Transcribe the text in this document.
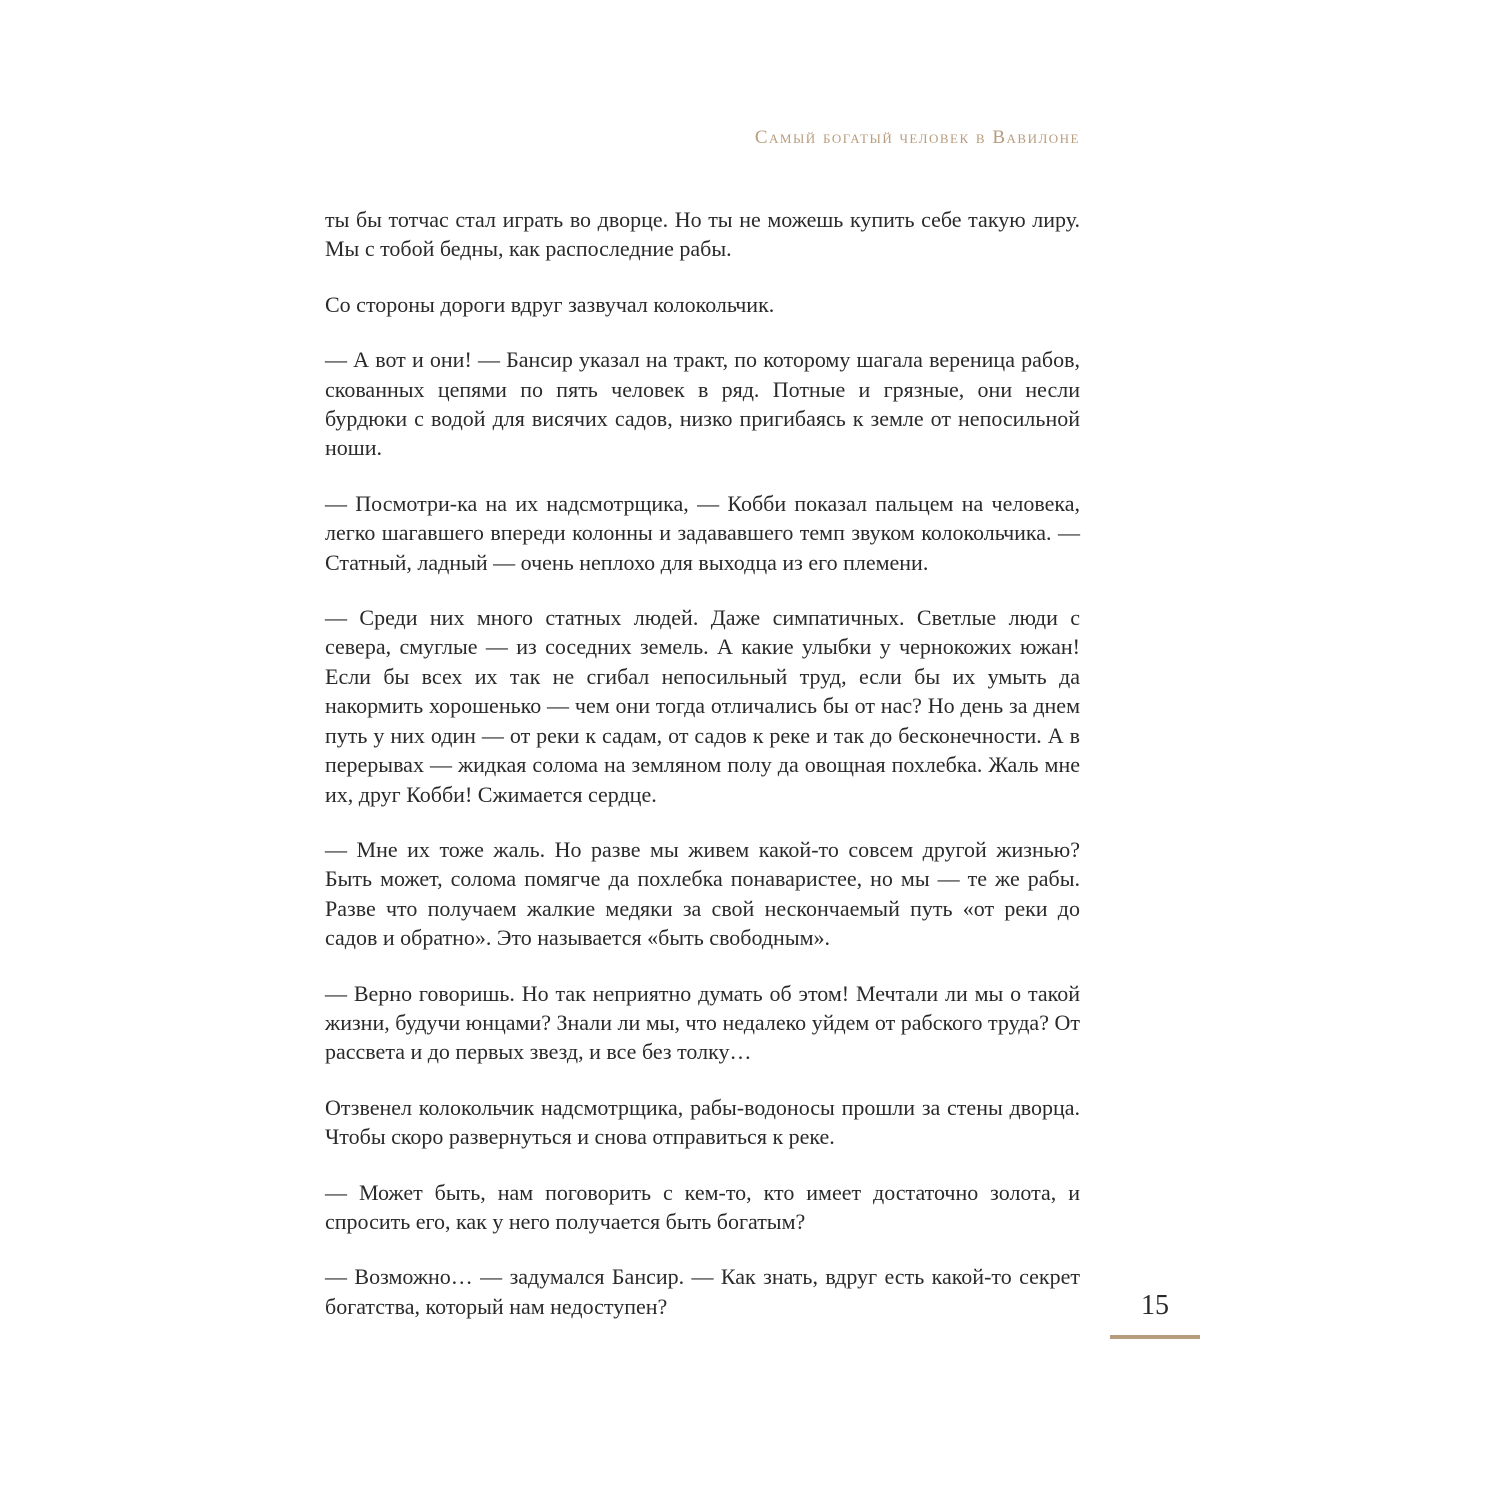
Самый богатый человек в Вавилоне

ты бы тотчас стал играть во дворце. Но ты не можешь купить себе такую лиру. Мы с тобой бедны, как распоследние рабы.

Со стороны дороги вдруг зазвучал колокольчик.

— А вот и они! — Бансир указал на тракт, по которому шагала вереница рабов, скованных цепями по пять человек в ряд. Потные и грязные, они несли бурдюки с водой для висячих садов, низко пригибаясь к земле от непосильной ноши.

— Посмотри-ка на их надсмотрщика, — Кобби показал пальцем на человека, легко шагавшего впереди колонны и задававшего темп звуком колокольчика. — Статный, ладный — очень неплохо для выходца из его племени.

— Среди них много статных людей. Даже симпатичных. Светлые люди с севера, смуглые — из соседних земель. А какие улыбки у чернокожих южан! Если бы всех их так не сгибал непосильный труд, если бы их умыть да накормить хорошенько — чем они тогда отличались бы от нас? Но день за днем путь у них один — от реки к садам, от садов к реке и так до бесконечности. А в перерывах — жидкая солома на земляном полу да овощная похлебка. Жаль мне их, друг Кобби! Сжимается сердце.

— Мне их тоже жаль. Но разве мы живем какой-то совсем другой жизнью? Быть может, солома помягче да похлебка понаваристее, но мы — те же рабы. Разве что получаем жалкие медяки за свой нескончаемый путь «от реки до садов и обратно». Это называется «быть свободным».

— Верно говоришь. Но так неприятно думать об этом! Мечтали ли мы о такой жизни, будучи юнцами? Знали ли мы, что недалеко уйдем от рабского труда? От рассвета и до первых звезд, и все без толку…

Отзвенел колокольчик надсмотрщика, рабы-водоносы прошли за стены дворца. Чтобы скоро развернуться и снова отправиться к реке.

— Может быть, нам поговорить с кем-то, кто имеет достаточно золота, и спросить его, как у него получается быть богатым?

— Возможно… — задумался Бансир. — Как знать, вдруг есть какой-то секрет богатства, который нам недоступен?	15
